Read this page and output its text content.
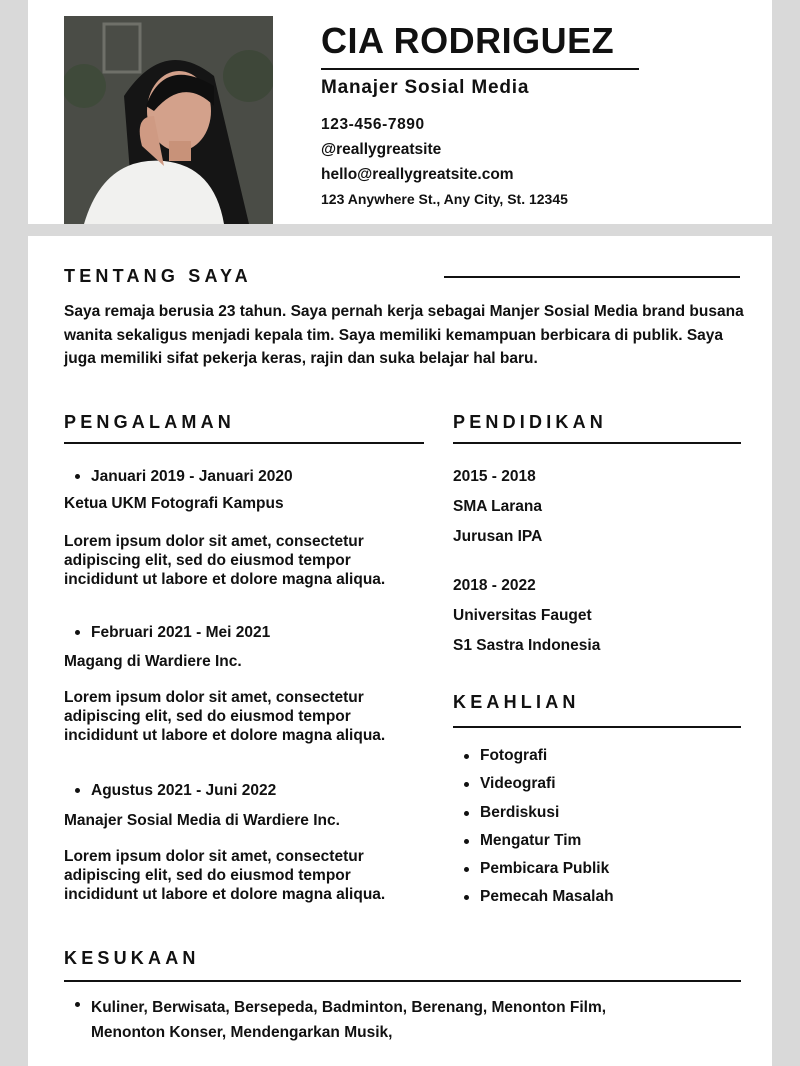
CIA RODRIGUEZ
Manajer Sosial Media
123-456-7890
@reallygreatsite
hello@reallygreatsite.com
123 Anywhere St., Any City, St. 12345
TENTANG SAYA

Saya remaja berusia 23 tahun. Saya pernah kerja sebagai Manjer Sosial Media brand busana wanita sekaligus menjadi kepala tim. Saya memiliki kemampuan berbicara di publik. Saya juga memiliki sifat pekerja keras, rajin dan suka belajar hal baru.

PENGALAMAN

Januari 2019 - Januari 2020

Ketua UKM Fotografi Kampus

Lorem ipsum dolor sit amet, consectetur adipiscing elit, sed do eiusmod tempor incididunt ut labore et dolore magna aliqua.

Februari 2021 - Mei 2021

Magang di Wardiere Inc.

Lorem ipsum dolor sit amet, consectetur adipiscing elit, sed do eiusmod tempor incididunt ut labore et dolore magna aliqua.

Agustus 2021 - Juni 2022

Manajer Sosial Media di Wardiere Inc.

Lorem ipsum dolor sit amet, consectetur adipiscing elit, sed do eiusmod tempor incididunt ut labore et dolore magna aliqua.

PENDIDIKAN

2015 - 2018

SMA Larana

Jurusan IPA

2018 - 2022

Universitas Fauget

S1 Sastra Indonesia

KEAHLIAN
Fotografi
Videografi
Berdiskusi
Mengatur Tim
Pembicara Publik
Pemecah Masalah
KESUKAAN
Kuliner, Berwisata, Bersepeda, Badminton, Berenang, Menonton Film, Menonton Konser, Mendengarkan Musik,
